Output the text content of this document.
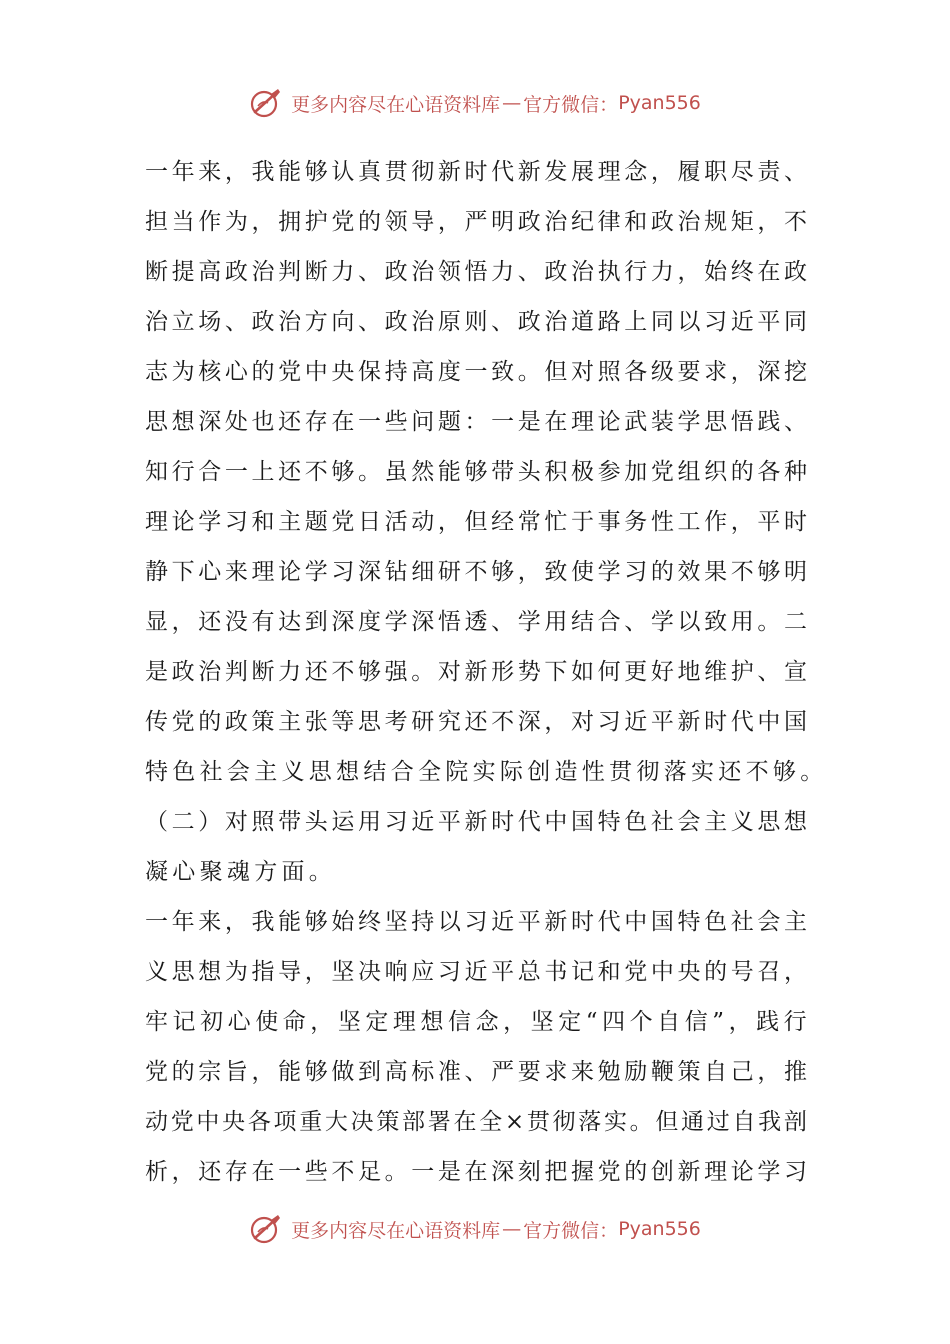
更多内容尽在心语资料库 — 官方微信： Pyan556
一 年 来 ， 我 能 够 认 真 贯 彻 新 时 代 新 发 展 理 念 ， 履 职 尽 责 、
担 当 作 为 ， 拥 护 党 的 领 导 ， 严 明 政 治 纪 律 和 政 治 规 矩 ， 不
断 提 高 政 治 判 断 力 、 政 治 领 悟 力 、 政 治 执 行 力 ， 始 终 在 政
治 立 场 、 政 治 方 向 、 政 治 原 则 、 政 治 道 路 上 同 以 习 近 平 同
志 为 核 心 的 党 中 央 保 持 高 度 一 致 。 但 对 照 各 级 要 求 ， 深 挖
思 想 深 处 也 还 存 在 一 些 问 题 ： 一 是 在 理 论 武 装 学 思 悟 践 、
知 行 合 一 上 还 不 够 。 虽 然 能 够 带 头 积 极 参 加 党 组 织 的 各 种
理 论 学 习 和 主 题 党 日 活 动 ， 但 经 常 忙 于 事 务 性 工 作 ， 平 时
静 下 心 来 理 论 学 习 深 钻 细 研 不 够 ， 致 使 学 习 的 效 果 不 够 明
显 ， 还 没 有 达 到 深 度 学 深 悟 透 、 学 用 结 合 、 学 以 致 用 。 二
是 政 治 判 断 力 还 不 够 强 。 对 新 形 势 下 如 何 更 好 地 维 护 、 宣
传 党 的 政 策 主 张 等 思 考 研 究 还 不 深 ， 对 习 近 平 新 时 代 中 国
特色社会主义思想结合全院实际创造性贯彻落实还不够。
（ 二 ） 对 照 带 头 运 用 习 近 平 新 时 代 中 国 特 色 社 会 主 义 思 想
凝心聚魂方面。
一 年 来 ， 我 能 够 始 终 坚 持 以 习 近 平 新 时 代 中 国 特 色 社 会 主
义 思 想 为 指 导 ， 坚 决 响 应 习 近 平 总 书 记 和 党 中 央 的 号 召 ，
牢 记 初 心 使 命 ， 坚 定 理 想 信 念 ， 坚 定 “ 四 个 自 信 ” ， 践 行
党 的 宗 旨 ， 能 够 做 到 高 标 准 、 严 要 求 来 勉 励 鞭 策 自 己 ， 推
动 党 中 央 各 项 重 大 决 策 部 署 在 全 × 贯 彻 落 实 。 但 通 过 自 我 剖
析 ， 还 存 在 一 些 不 足 。 一 是 在 深 刻 把 握 党 的 创 新 理 论 学 习
更多内容尽在心语资料库 — 官方微信： Pyan556
